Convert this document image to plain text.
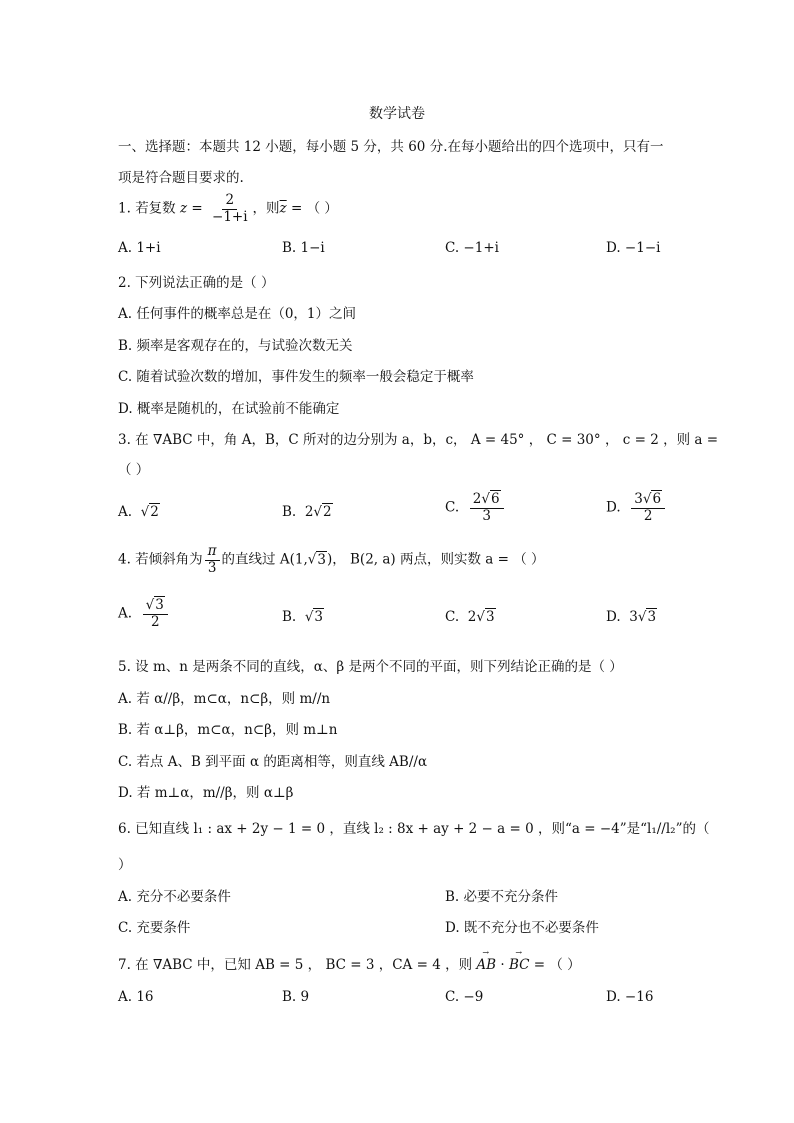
数学试卷
一、选择题：本题共 12 小题，每小题 5 分，共 60 分.在每小题给出的四个选项中，只有一
项是符合题目要求的.
1. 若复数 $z = \frac{2}{-1+i}$ ，则$\overline{z}$ = （ ）
A. 1+i	B. 1−i	C. −1+i	D. −1−i
2. 下列说法正确的是（ ）
A. 任何事件的概率总是在（0，1）之间
B. 频率是客观存在的，与试验次数无关
C. 随着试验次数的增加，事件发生的频率一般会稳定于概率
D. 概率是随机的，在试验前不能确定
3. 在 ∇ABC 中，角 A，B，C 所对的边分别为 a，b，c， A = 45° ， C = 30° ， c = 2 ，则 a =
（ ）
A. √2	B. 2√2	C. $\frac{2√6}{3}$	D. $\frac{3√6}{2}$
4. 若倾斜角为 $\frac{\pi}{3}$ 的直线过 A(1,√3)， B(2, a) 两点，则实数 a = （ ）
A. $\frac{√3}{2}$	B. √3	C. 2√3	D. 3√3
5. 设 m、n 是两条不同的直线，α、β 是两个不同的平面，则下列结论正确的是（ ）
A. 若 α//β，m⊂α，n⊂β，则 m//n
B. 若 α⊥β，m⊂α，n⊂β，则 m⊥n
C. 若点 A、B 到平面 α 的距离相等，则直线 AB//α
D. 若 m⊥α，m//β，则 α⊥β
6. 已知直线 l₁ : ax + 2y − 1 = 0 ，直线 l₂ : 8x + ay + 2 − a = 0 ，则“a = −4”是“l₁//l₂”的（
）
A. 充分不必要条件	B. 必要不充分条件
C. 充要条件	D. 既不充分也不必要条件
7. 在 ∇ABC 中，已知 AB = 5 ， BC = 3 ，CA = 4 ，则
→
AB ·
→
BC = （ ）
A. 16	B. 9	C. −9	D. −16
